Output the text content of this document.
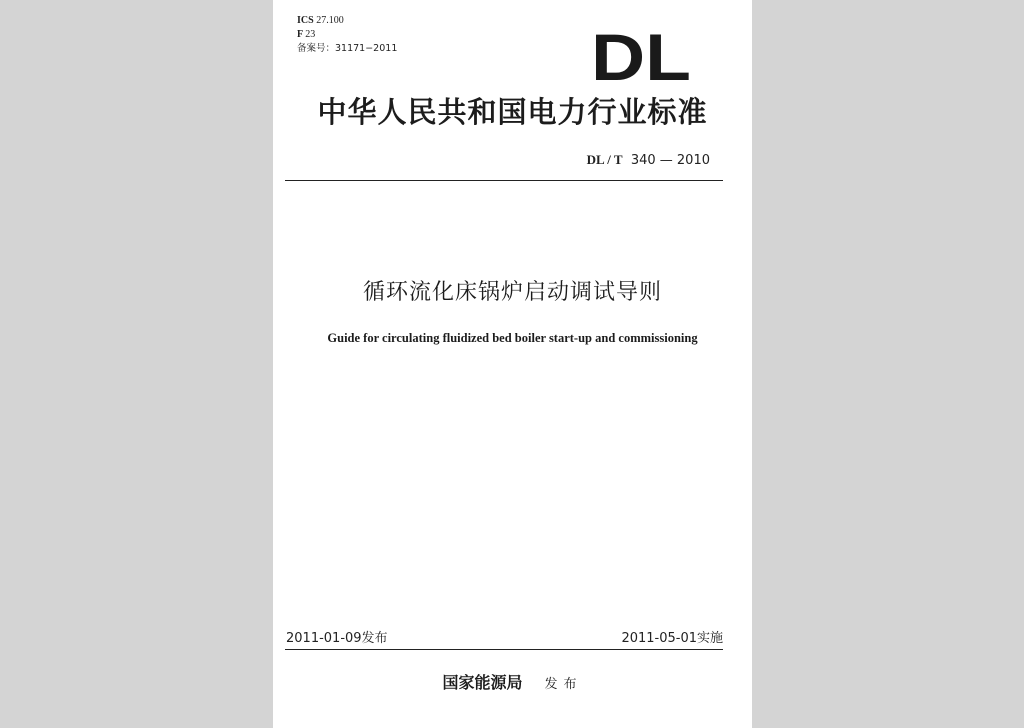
ICS 27.100
F 23
备案号：31171−2011	DL
中华人民共和国电力行业标准
DL / T 340 — 2010
循环流化床锅炉启动调试导则
Guide for circulating fluidized bed boiler start-up and commissioning
2011-01-09发布	2011-05-01实施
国家能源局 发布
